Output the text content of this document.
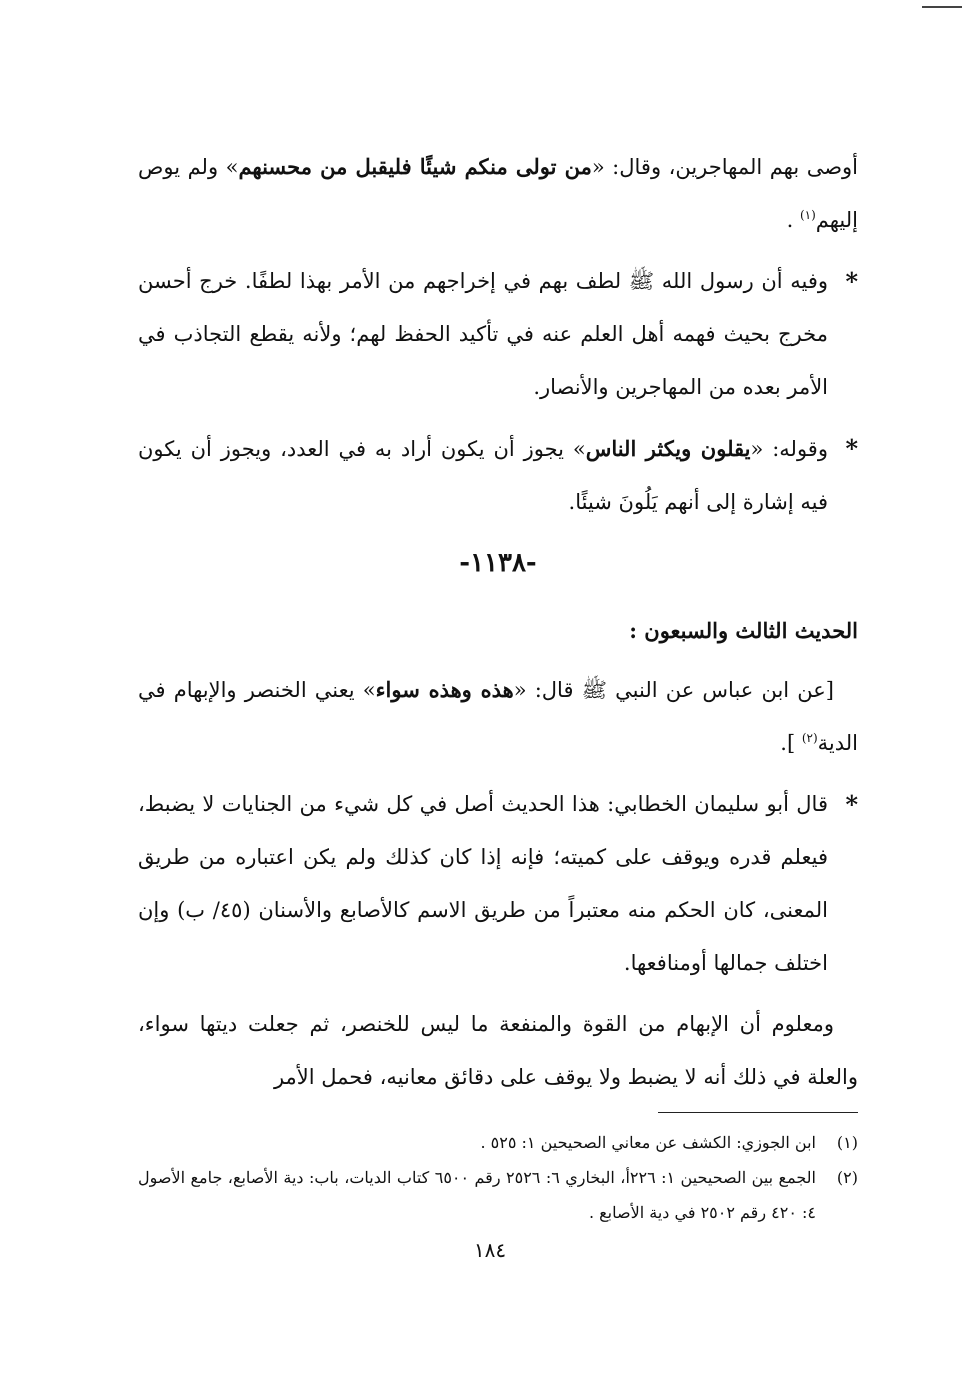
أوصى بهم المهاجرين، وقال: «من تولى منكم شيئًا فليقبل من محسنهم» ولم يوص إليهم$^{(١)}$ .

* وفيه أن رسول الله ﷺ لطف بهم في إخراجهم من الأمر بهذا لطفًا. خرج أحسن مخرج بحيث فهمه أهل العلم عنه في تأكيد الحفظ لهم؛ ولأنه يقطع التجاذب في الأمر بعده من المهاجرين والأنصار.

* وقوله: «يقلون ويكثر الناس» يجوز أن يكون أراد به في العدد، ويجوز أن يكون فيه إشارة إلى أنهم يَلُونَ شيئًا.

-١١٣٨-

الحديث الثالث والسبعون :

[عن ابن عباس عن النبي ﷺ قال: «هذه وهذه سواء» يعني الخنصر والإبهام في الدية$^{(٢)}$ ].

* قال أبو سليمان الخطابي: هذا الحديث أصل في كل شيء من الجنايات لا يضبط، فيعلم قدره ويوقف على كميته؛ فإنه إذا كان كذلك ولم يكن اعتباره من طريق المعنى، كان الحكم منه معتبراً من طريق الاسم كالأصابع والأسنان (٤٥/ ب) وإن اختلف جمالها أومنافعها.

ومعلوم أن الإبهام من القوة والمنفعة ما ليس للخنصر، ثم جعلت ديتها سواء، والعلة في ذلك أنه لا يضبط ولا يوقف على دقائق معانيه، فحمل الأمر

(١)
ابن الجوزي: الكشف عن معاني الصحيحين ١: ٥٢٥ .
(٢)
الجمع بين الصحيحين ١: ٢٢٦أ، البخاري ٦: ٢٥٢٦ رقم ٦٥٠٠ كتاب الديات، باب: دية الأصابع، جامع الأصول ٤: ٤٢٠ رقم ٢٥٠٢ في دية الأصابع .
١٨٤
